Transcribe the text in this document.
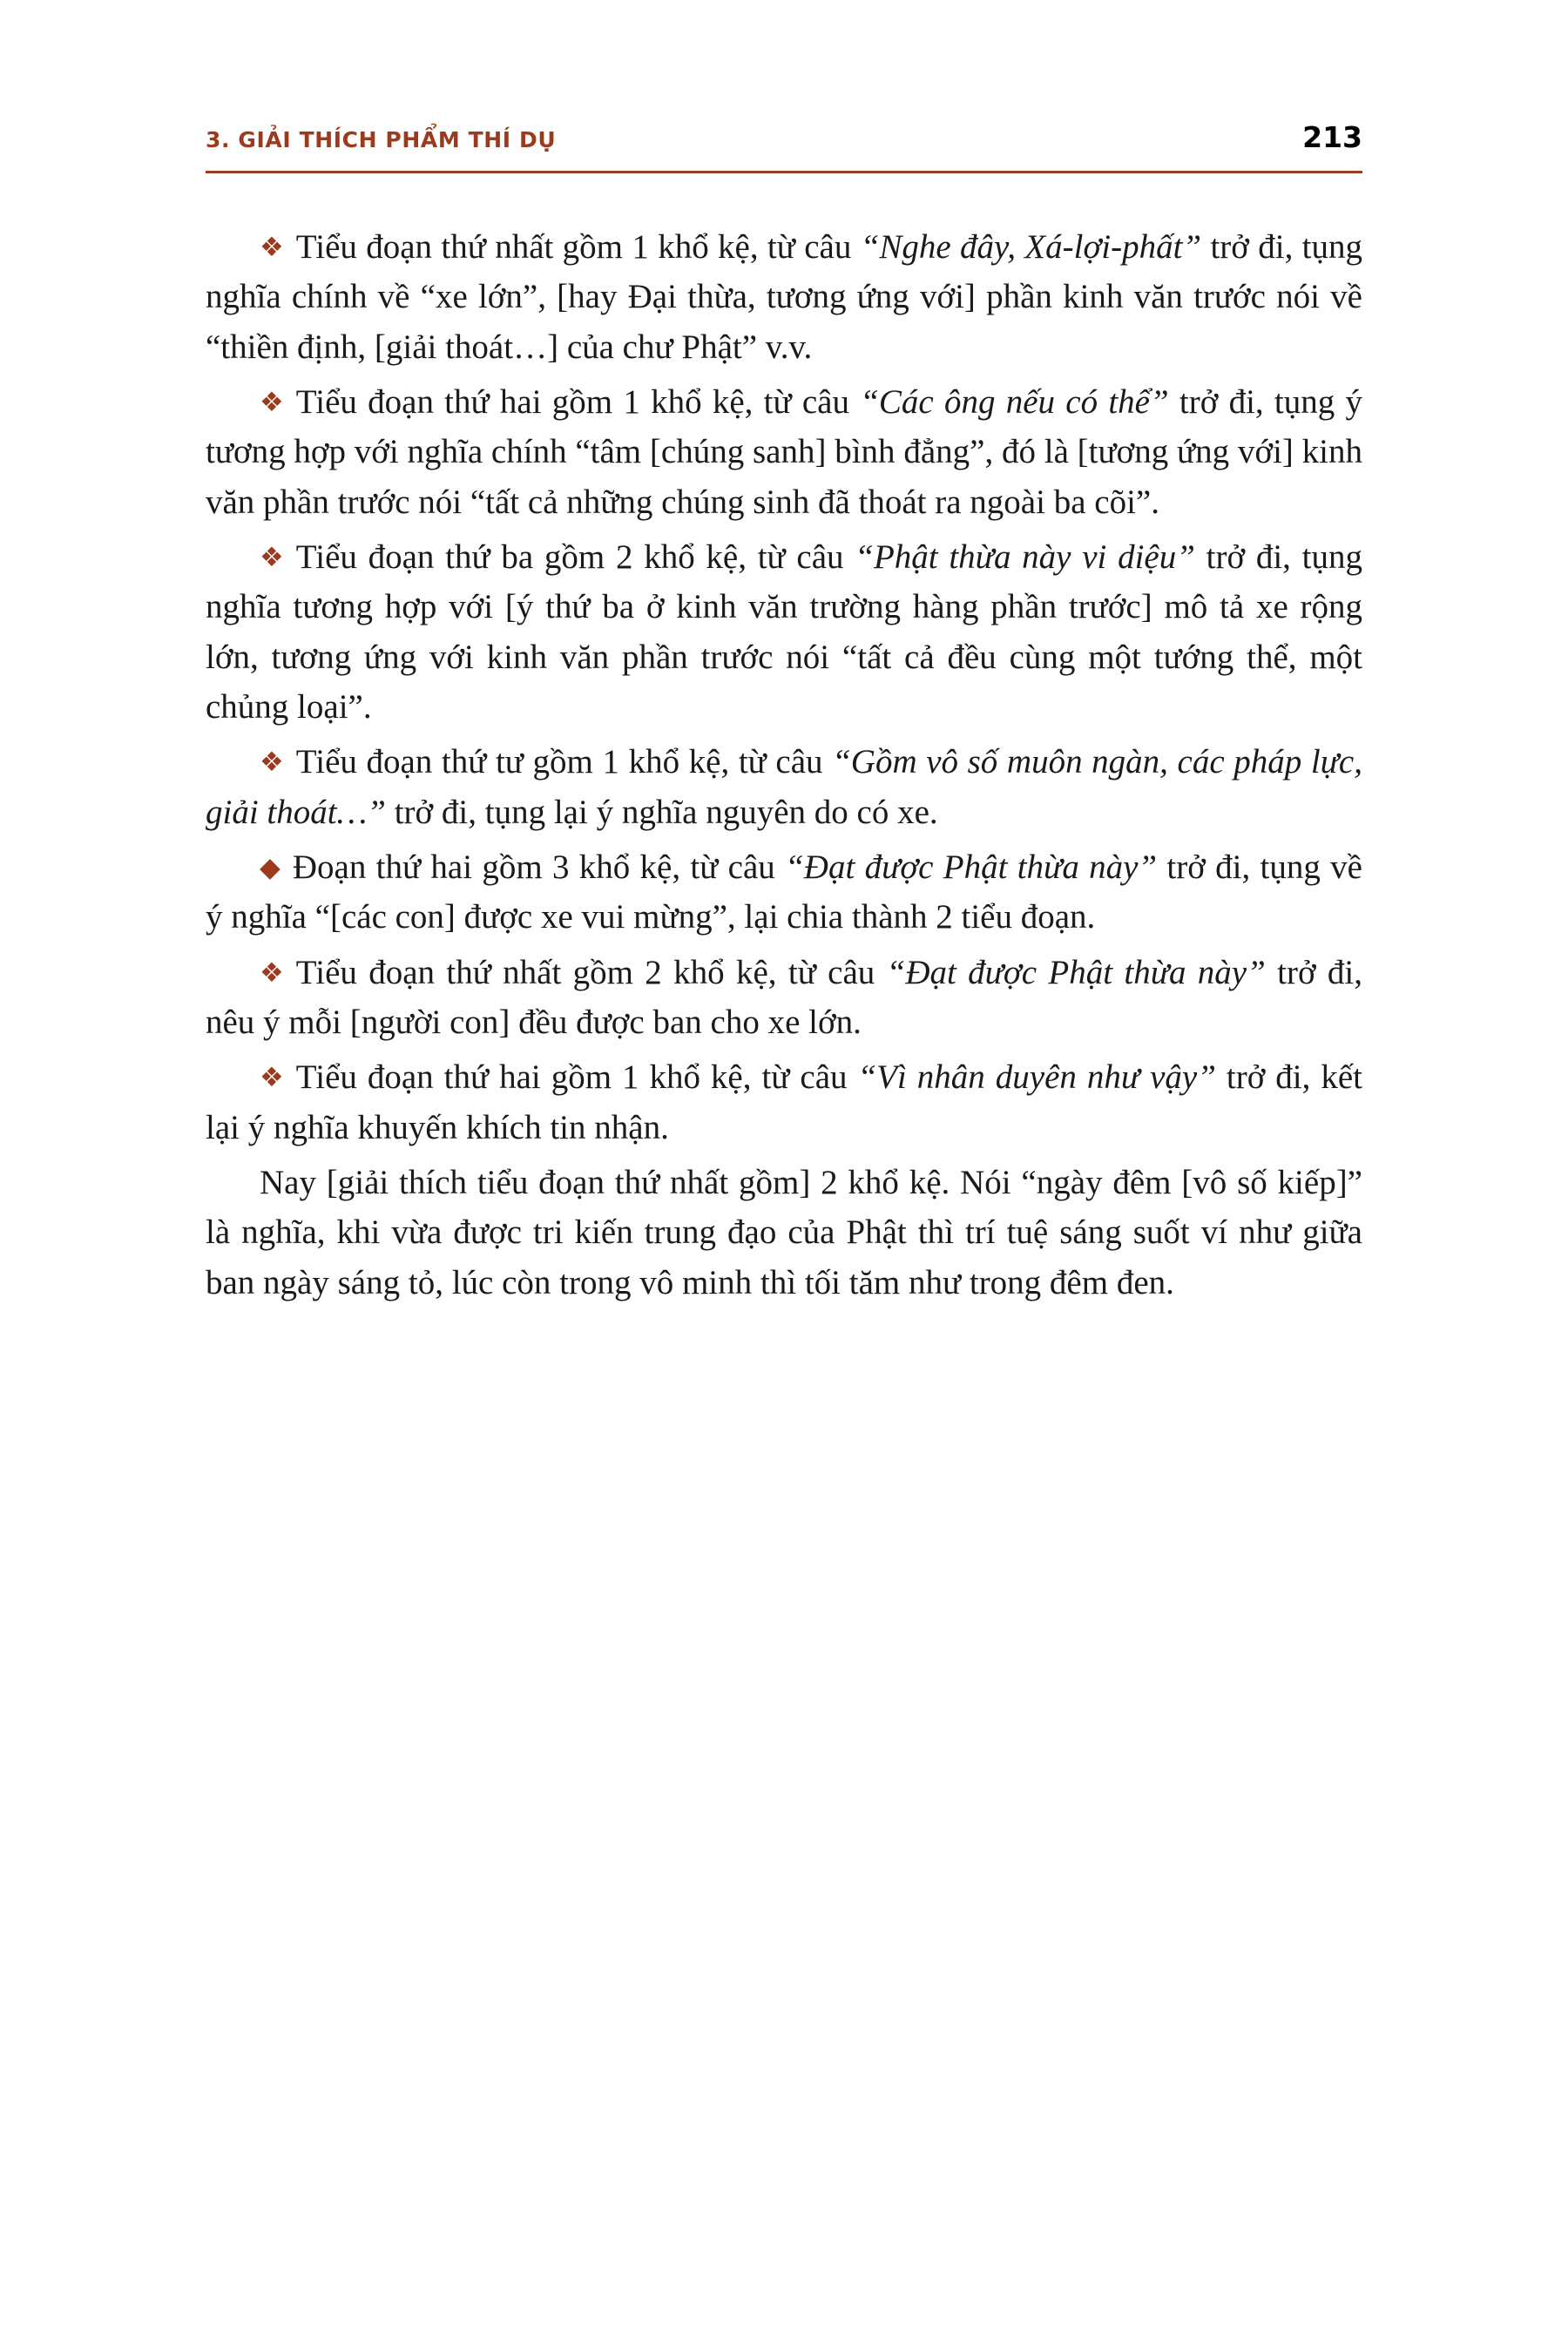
3. GIẢI THÍCH PHẨM THÍ DỤ	213

❖ Tiểu đoạn thứ nhất gồm 1 khổ kệ, từ câu “Nghe đây, Xá-lợi-phất” trở đi, tụng nghĩa chính về “xe lớn”, [hay Đại thừa, tương ứng với] phần kinh văn trước nói về “thiền định, [giải thoát…] của chư Phật” v.v.

❖ Tiểu đoạn thứ hai gồm 1 khổ kệ, từ câu “Các ông nếu có thể” trở đi, tụng ý tương hợp với nghĩa chính “tâm [chúng sanh] bình đẳng”, đó là [tương ứng với] kinh văn phần trước nói “tất cả những chúng sinh đã thoát ra ngoài ba cõi”.

❖ Tiểu đoạn thứ ba gồm 2 khổ kệ, từ câu “Phật thừa này vi diệu” trở đi, tụng nghĩa tương hợp với [ý thứ ba ở kinh văn trường hàng phần trước] mô tả xe rộng lớn, tương ứng với kinh văn phần trước nói “tất cả đều cùng một tướng thể, một chủng loại”.

❖ Tiểu đoạn thứ tư gồm 1 khổ kệ, từ câu “Gồm vô số muôn ngàn, các pháp lực, giải thoát…” trở đi, tụng lại ý nghĩa nguyên do có xe.

◆ Đoạn thứ hai gồm 3 khổ kệ, từ câu “Đạt được Phật thừa này” trở đi, tụng về ý nghĩa “[các con] được xe vui mừng”, lại chia thành 2 tiểu đoạn.

❖ Tiểu đoạn thứ nhất gồm 2 khổ kệ, từ câu “Đạt được Phật thừa này” trở đi, nêu ý mỗi [người con] đều được ban cho xe lớn.

❖ Tiểu đoạn thứ hai gồm 1 khổ kệ, từ câu “Vì nhân duyên như vậy” trở đi, kết lại ý nghĩa khuyến khích tin nhận.

Nay [giải thích tiểu đoạn thứ nhất gồm] 2 khổ kệ. Nói “ngày đêm [vô số kiếp]” là nghĩa, khi vừa được tri kiến trung đạo của Phật thì trí tuệ sáng suốt ví như giữa ban ngày sáng tỏ, lúc còn trong vô minh thì tối tăm như trong đêm đen.
